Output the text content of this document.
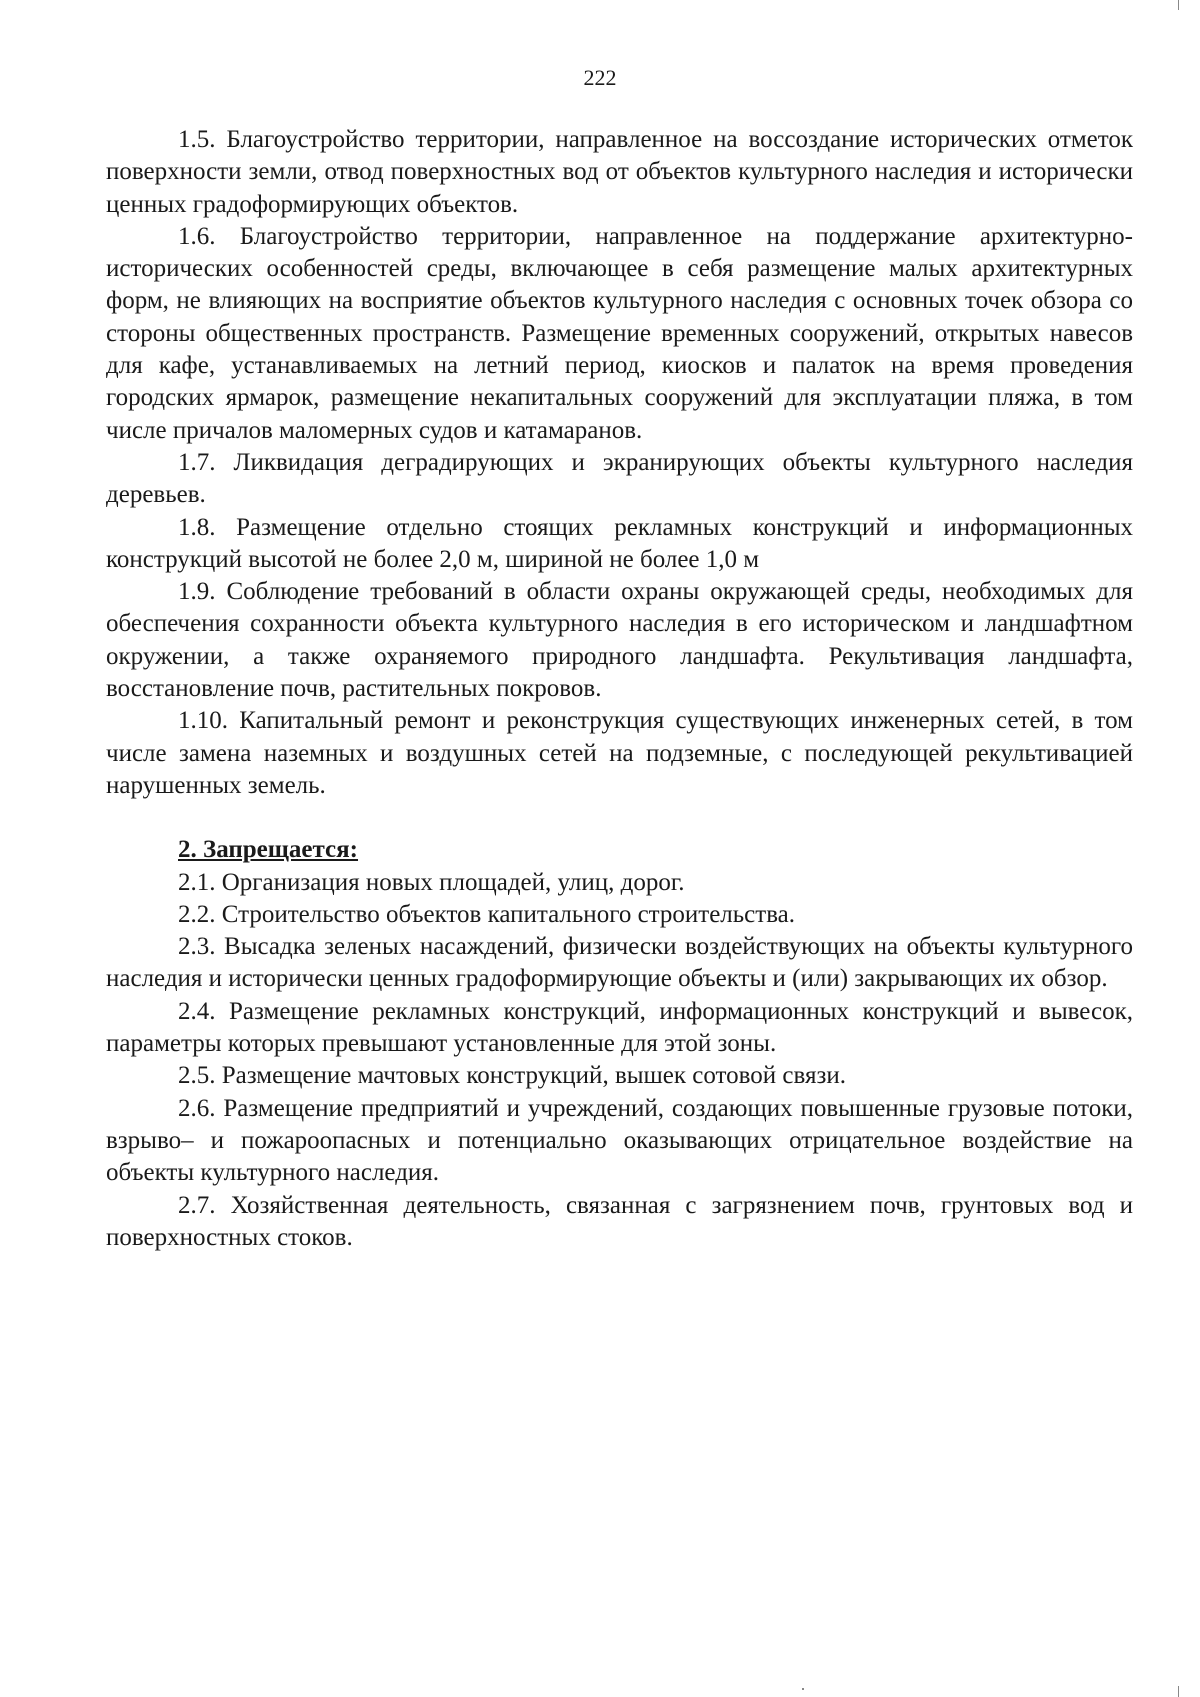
222

1.5. Благоустройство территории, направленное на воссоздание исторических отметок поверхности земли, отвод поверхностных вод от объектов культурного наследия и исторически ценных градоформирующих объектов.

1.6. Благоустройство территории, направленное на поддержание архитектурно-исторических особенностей среды, включающее в себя размещение малых архитектурных форм, не влияющих на восприятие объектов культурного наследия с основных точек обзора со стороны общественных пространств. Размещение временных сооружений, открытых навесов для кафе, устанавливаемых на летний период, киосков и палаток на время проведения городских ярмарок, размещение некапитальных сооружений для эксплуатации пляжа, в том числе причалов маломерных судов и катамаранов.

1.7. Ликвидация деградирующих и экранирующих объекты культурного наследия деревьев.

1.8. Размещение отдельно стоящих рекламных конструкций и информационных конструкций высотой не более 2,0 м, шириной не более 1,0 м

1.9. Соблюдение требований в области охраны окружающей среды, необходимых для обеспечения сохранности объекта культурного наследия в его историческом и ландшафтном окружении, а также охраняемого природного ландшафта. Рекультивация ландшафта, восстановление почв, растительных покровов.

1.10. Капитальный ремонт и реконструкция существующих инженерных сетей, в том числе замена наземных и воздушных сетей на подземные, с последующей рекультивацией нарушенных земель.

2. Запрещается:

2.1. Организация новых площадей, улиц, дорог.

2.2. Строительство объектов капитального строительства.

2.3. Высадка зеленых насаждений, физически воздействующих на объекты культурного наследия и исторически ценных градоформирующие объекты и (или) закрывающих их обзор.

2.4. Размещение рекламных конструкций, информационных конструкций и вывесок, параметры которых превышают установленные для этой зоны.

2.5. Размещение мачтовых конструкций, вышек сотовой связи.

2.6. Размещение предприятий и учреждений, создающих повышенные грузовые потоки, взрыво– и пожароопасных и потенциально оказывающих отрицательное воздействие на объекты культурного наследия.

2.7. Хозяйственная деятельность, связанная с загрязнением почв, грунтовых вод и поверхностных стоков.
